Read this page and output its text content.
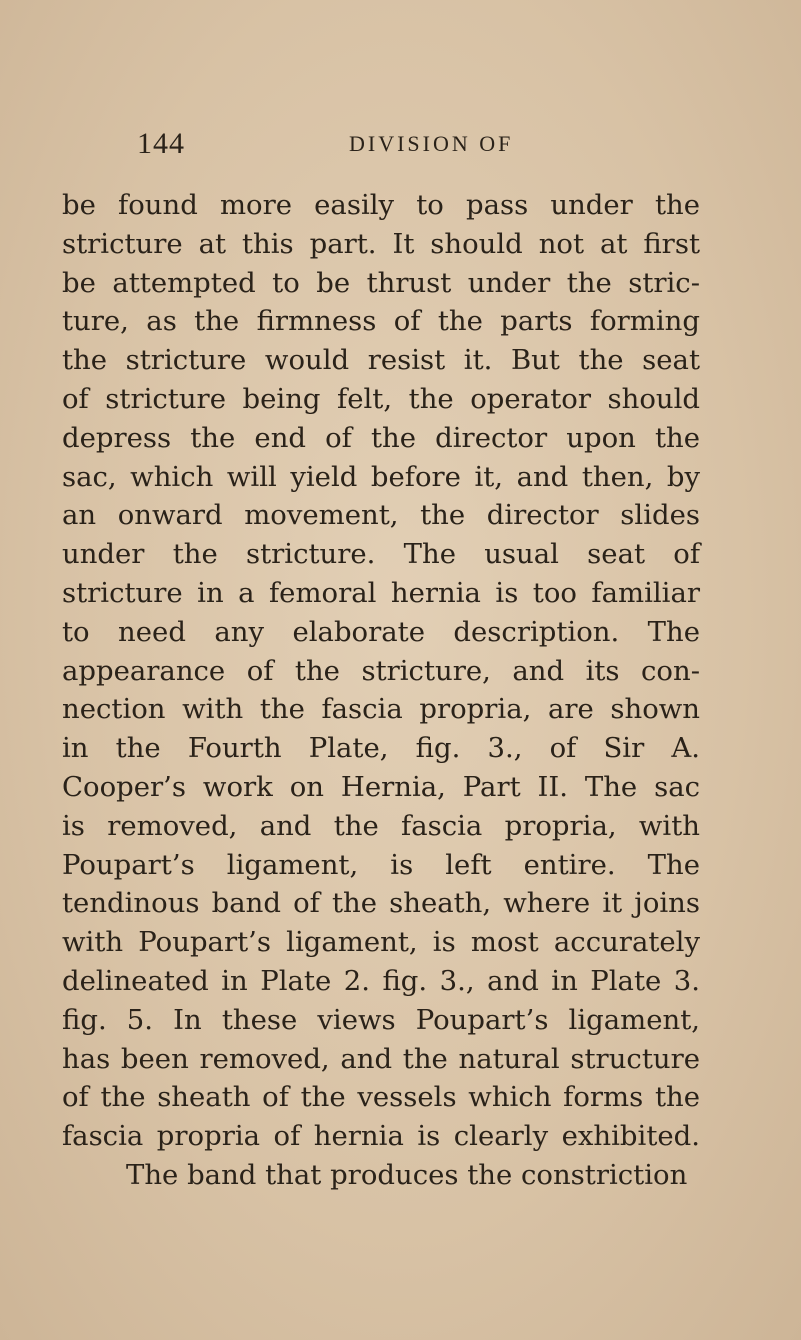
144	DIVISION OF
be found more easily to pass under the
stricture at this part. It should not at first
be attempted to be thrust under the stric-
ture, as the firmness of the parts forming
the stricture would resist it. But the seat
of stricture being felt, the operator should
depress the end of the director upon the
sac, which will yield before it, and then, by
an onward movement, the director slides
under the stricture. The usual seat of
stricture in a femoral hernia is too familiar
to need any elaborate description. The
appearance of the stricture, and its con-
nection with the fascia propria, are shown
in the Fourth Plate, fig. 3., of Sir A.
Cooper’s work on Hernia, Part II. The sac
is removed, and the fascia propria, with
Poupart’s ligament, is left entire. The
tendinous band of the sheath, where it joins
with Poupart’s ligament, is most accurately
delineated in Plate 2. fig. 3., and in Plate 3.
fig. 5. In these views Poupart’s ligament,
has been removed, and the natural structure
of the sheath of the vessels which forms the
fascia propria of hernia is clearly exhibited.
The band that produces the constriction
